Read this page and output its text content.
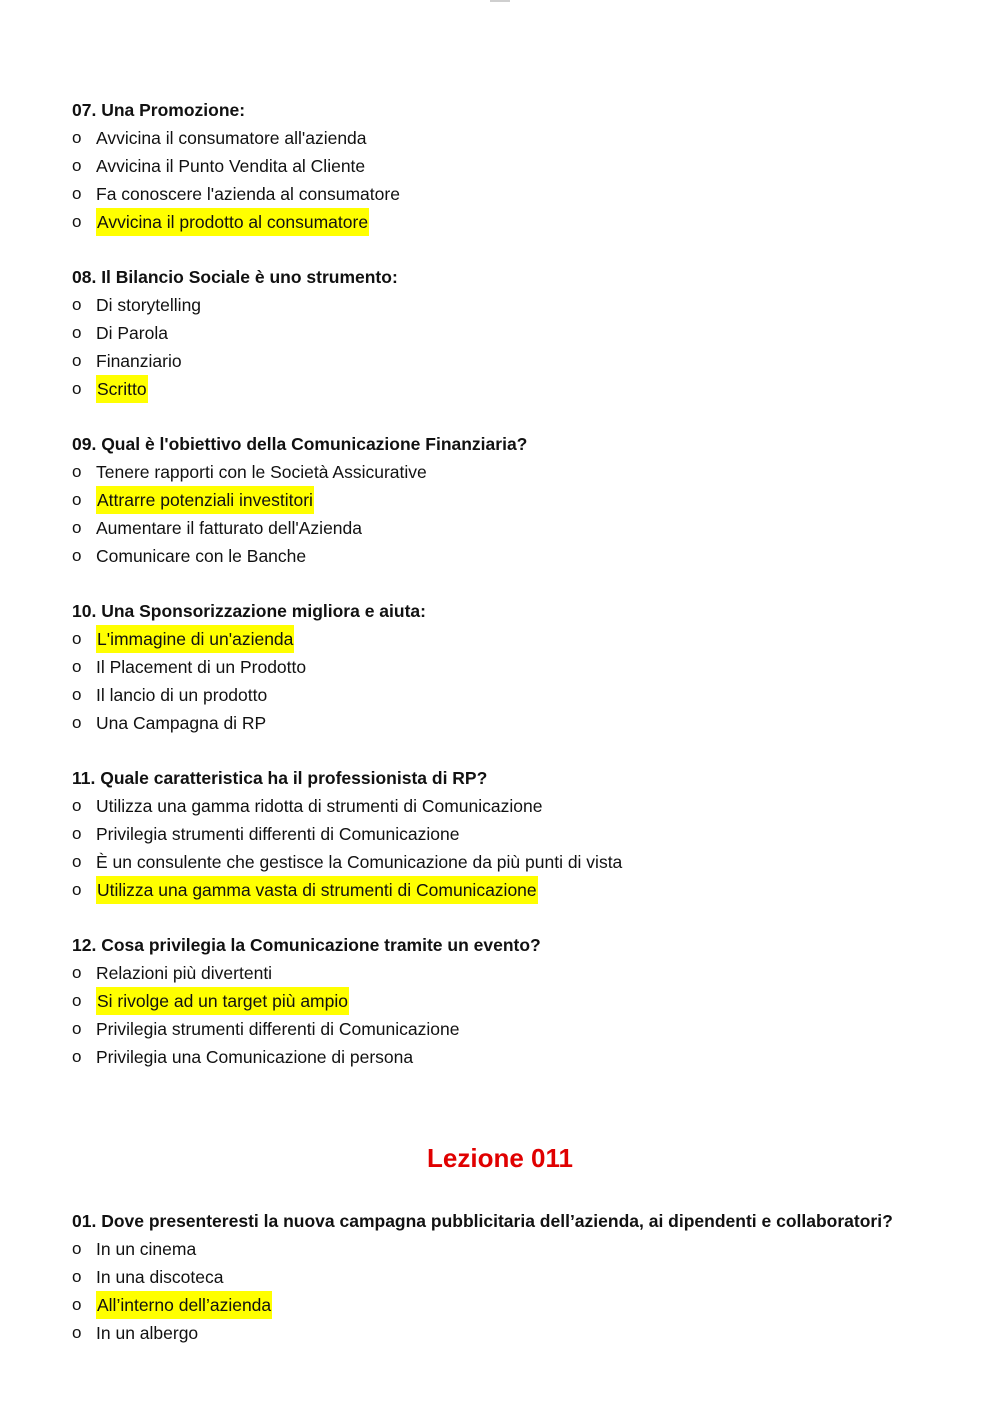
07. Una Promozione:
o Avvicina il consumatore all'azienda
o Avvicina il Punto Vendita al Cliente
o Fa conoscere l'azienda al consumatore
o Avvicina il prodotto al consumatore
08. Il Bilancio Sociale è uno strumento:
o Di storytelling
o Di Parola
o Finanziario
o Scritto
09. Qual è l'obiettivo della Comunicazione Finanziaria?
o Tenere rapporti con le Società Assicurative
o Attrarre potenziali investitori
o Aumentare il fatturato dell'Azienda
o Comunicare con le Banche
10. Una Sponsorizzazione migliora e aiuta:
o L'immagine di un'azienda
o Il Placement di un Prodotto
o Il lancio di un prodotto
o Una Campagna di RP
11. Quale caratteristica ha il professionista di RP?
o Utilizza una gamma ridotta di strumenti di Comunicazione
o Privilegia strumenti differenti di Comunicazione
o È un consulente che gestisce la Comunicazione da più punti di vista
o Utilizza una gamma vasta di strumenti di Comunicazione
12. Cosa privilegia la Comunicazione tramite un evento?
o Relazioni più divertenti
o Si rivolge ad un target più ampio
o Privilegia strumenti differenti di Comunicazione
o Privilegia una Comunicazione di persona
Lezione 011
01. Dove presenteresti la nuova campagna pubblicitaria dell’azienda, ai dipendenti e collaboratori?
o In un cinema
o In una discoteca
o All’interno dell’azienda
o In un albergo
